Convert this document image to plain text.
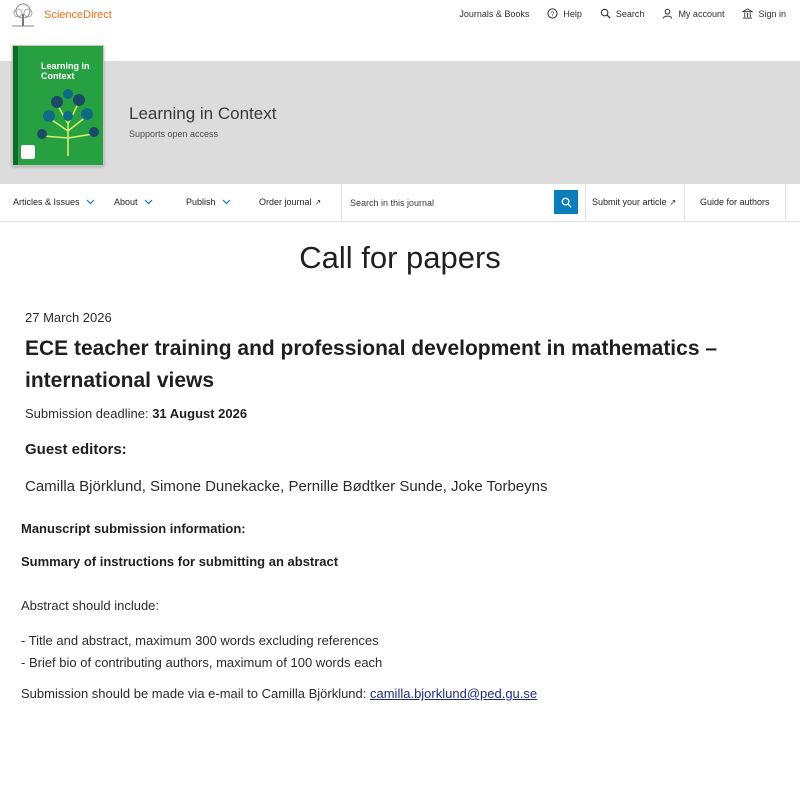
ScienceDirect	Journals & Books	? Help	Search	My account	Sign in
Learning in Context
Learning in Context
Supports open access
Articles & Issues	About	Publish	Order journal ↗
Search in this journal	Submit your article ↗	Guide for authors
Call for papers
27 March 2026
ECE teacher training and professional development in mathematics – international views
Submission deadline: 31 August 2026
Guest editors:
Camilla Björklund, Simone Dunekacke, Pernille Bødtker Sunde, Joke Torbeyns
Manuscript submission information:
Summary of instructions for submitting an abstract
Abstract should include:
- Title and abstract, maximum 300 words excluding references
- Brief bio of contributing authors, maximum of 100 words each
Submission should be made via e-mail to Camilla Björklund: camilla.bjorklund@ped.gu.se
